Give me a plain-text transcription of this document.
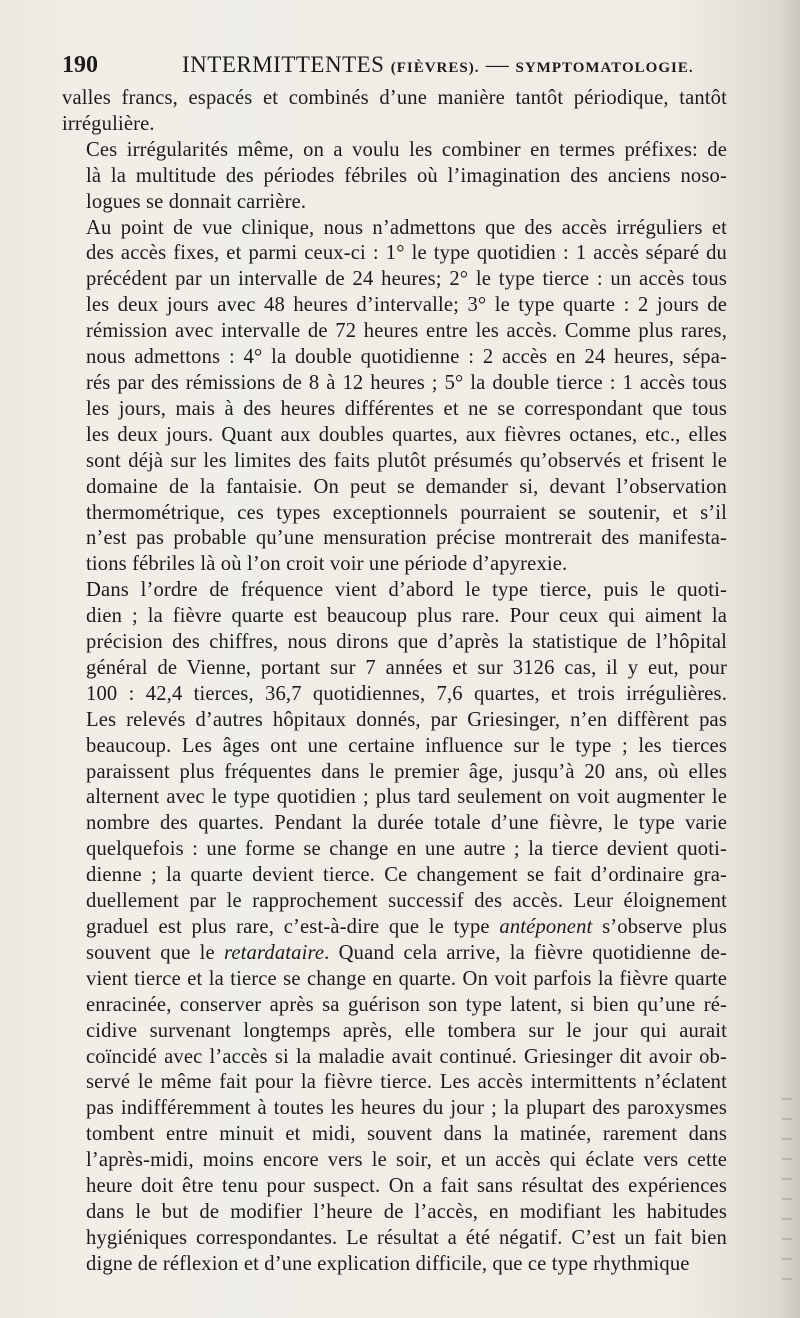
190	INTERMITTENTES (FIÈVRES). — SYMPTOMATOLOGIE.

valles francs, espacés et combinés d’une manière tantôt périodique, tantôt
irrégulière.

Ces irrégularités même, on a voulu les combiner en termes préfixes: de
là la multitude des périodes fébriles où l’imagination des anciens noso-
logues se donnait carrière.

Au point de vue clinique, nous n’admettons que des accès irréguliers et
des accès fixes, et parmi ceux-ci : 1° le type quotidien : 1 accès séparé du
précédent par un intervalle de 24 heures; 2° le type tierce : un accès tous
les deux jours avec 48 heures d’intervalle; 3° le type quarte : 2 jours de
rémission avec intervalle de 72 heures entre les accès. Comme plus rares,
nous admettons : 4° la double quotidienne : 2 accès en 24 heures, sépa-
rés par des rémissions de 8 à 12 heures ; 5° la double tierce : 1 accès tous
les jours, mais à des heures différentes et ne se correspondant que tous
les deux jours. Quant aux doubles quartes, aux fièvres octanes, etc., elles
sont déjà sur les limites des faits plutôt présumés qu’observés et frisent le
domaine de la fantaisie. On peut se demander si, devant l’observation
thermométrique, ces types exceptionnels pourraient se soutenir, et s’il
n’est pas probable qu’une mensuration précise montrerait des manifesta-
tions fébriles là où l’on croit voir une période d’apyrexie.

Dans l’ordre de fréquence vient d’abord le type tierce, puis le quoti-
dien ; la fièvre quarte est beaucoup plus rare. Pour ceux qui aiment la
précision des chiffres, nous dirons que d’après la statistique de l’hôpital
général de Vienne, portant sur 7 années et sur 3126 cas, il y eut, pour
100 : 42,4 tierces, 36,7 quotidiennes, 7,6 quartes, et trois irrégulières.
Les relevés d’autres hôpitaux donnés, par Griesinger, n’en diffèrent pas
beaucoup. Les âges ont une certaine influence sur le type ; les tierces
paraissent plus fréquentes dans le premier âge, jusqu’à 20 ans, où elles
alternent avec le type quotidien ; plus tard seulement on voit augmenter le
nombre des quartes. Pendant la durée totale d’une fièvre, le type varie
quelquefois : une forme se change en une autre ; la tierce devient quoti-
dienne ; la quarte devient tierce. Ce changement se fait d’ordinaire gra-
duellement par le rapprochement successif des accès. Leur éloignement
graduel est plus rare, c’est-à-dire que le type antéponent s’observe plus
souvent que le retardataire. Quand cela arrive, la fièvre quotidienne de-
vient tierce et la tierce se change en quarte. On voit parfois la fièvre quarte
enracinée, conserver après sa guérison son type latent, si bien qu’une ré-
cidive survenant longtemps après, elle tombera sur le jour qui aurait
coïncidé avec l’accès si la maladie avait continué. Griesinger dit avoir ob-
servé le même fait pour la fièvre tierce. Les accès intermittents n’éclatent
pas indifféremment à toutes les heures du jour ; la plupart des paroxysmes
tombent entre minuit et midi, souvent dans la matinée, rarement dans
l’après-midi, moins encore vers le soir, et un accès qui éclate vers cette
heure doit être tenu pour suspect. On a fait sans résultat des expériences
dans le but de modifier l’heure de l’accès, en modifiant les habitudes
hygiéniques correspondantes. Le résultat a été négatif. C’est un fait bien
digne de réflexion et d’une explication difficile, que ce type rhythmique
